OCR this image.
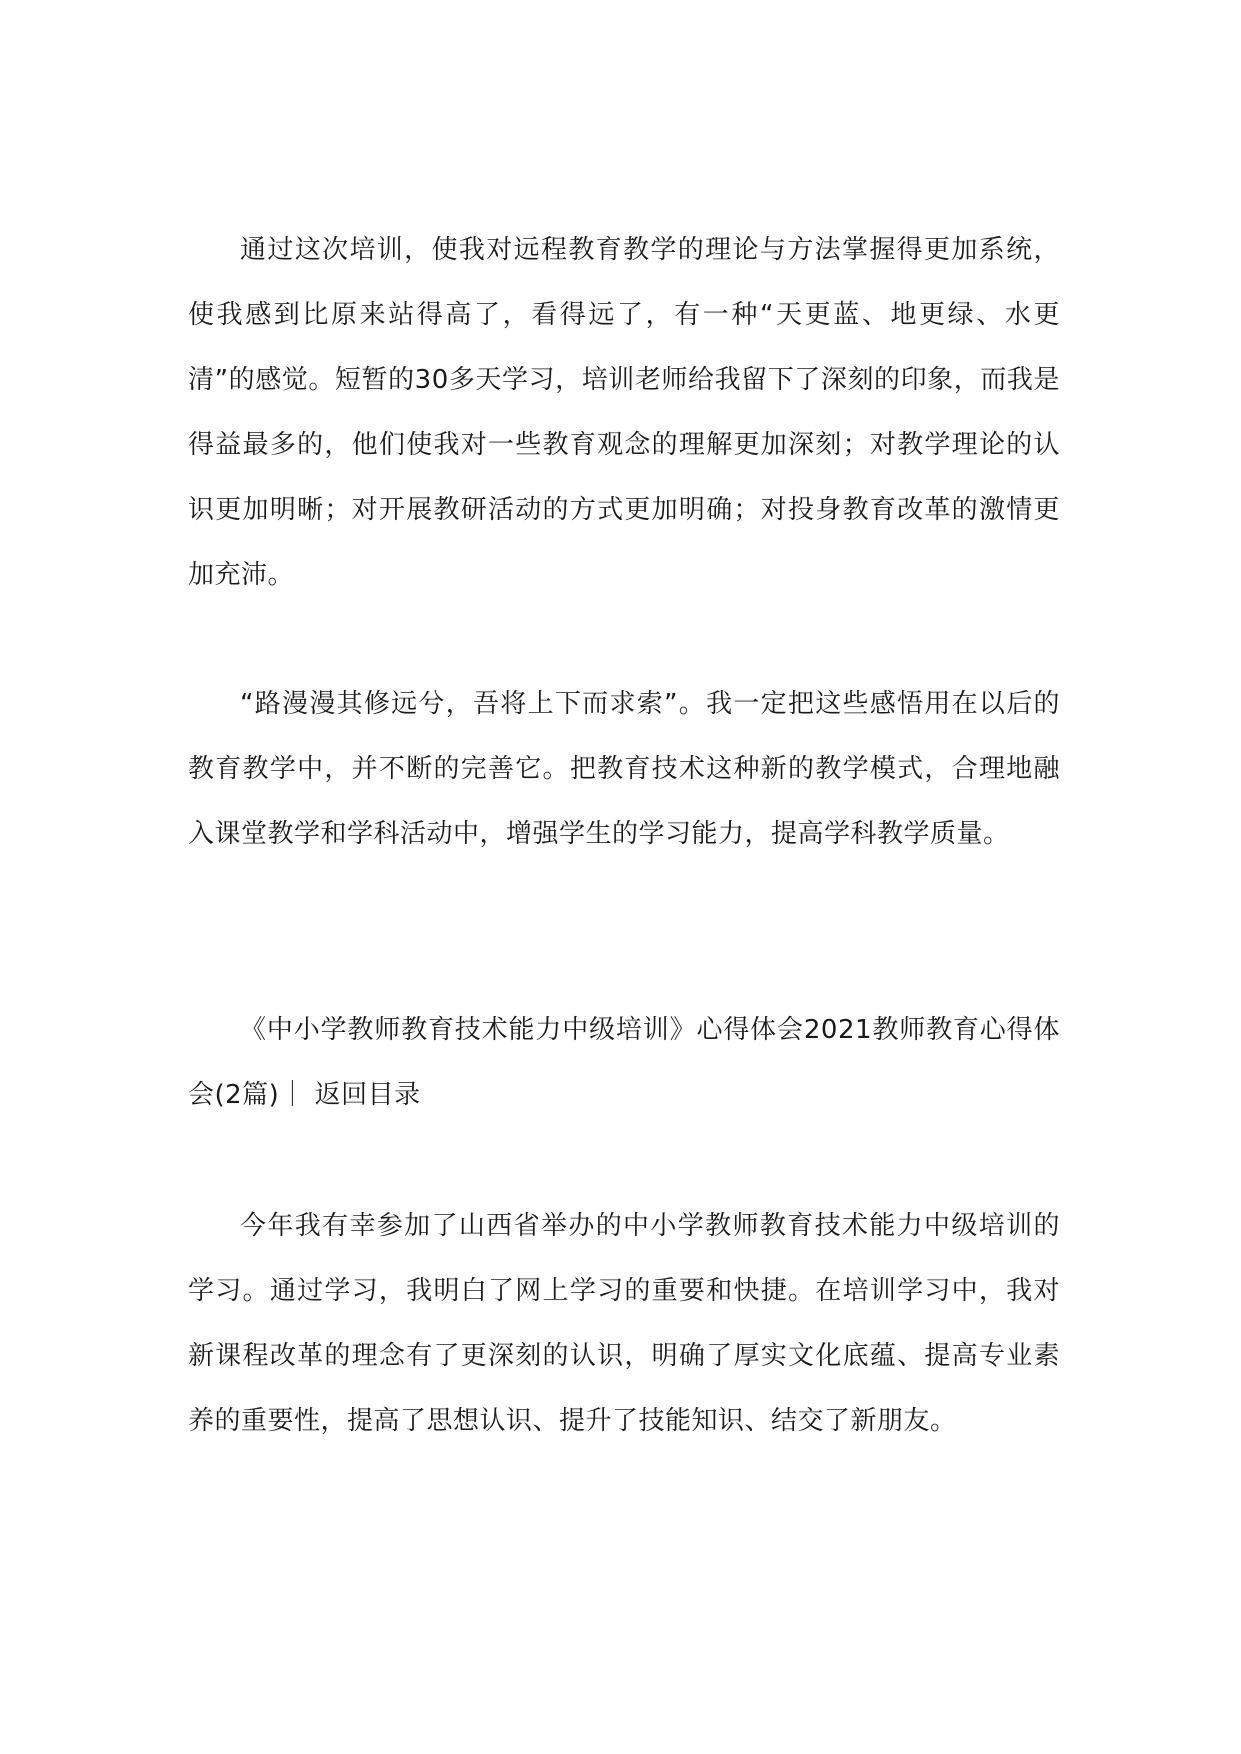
通过这次培训，使我对远程教育教学的理论与方法掌握得更加系统，使我感到比原来站得高了，看得远了，有一种“天更蓝、地更绿、水更清”的感觉。短暂的30多天学习，培训老师给我留下了深刻的印象，而我是得益最多的，他们使我对一些教育观念的理解更加深刻；对教学理论的认识更加明晰；对开展教研活动的方式更加明确；对投身教育改革的激情更加充沛。

“路漫漫其修远兮，吾将上下而求索”。我一定把这些感悟用在以后的教育教学中，并不断的完善它。把教育技术这种新的教学模式，合理地融入课堂教学和学科活动中，增强学生的学习能力，提高学科教学质量。

《中小学教师教育技术能力中级培训》心得体会2021教师教育心得体会(2篇)｜ 返回目录

今年我有幸参加了山西省举办的中小学教师教育技术能力中级培训的学习。通过学习，我明白了网上学习的重要和快捷。在培训学习中，我对新课程改革的理念有了更深刻的认识，明确了厚实文化底蕴、提高专业素养的重要性，提高了思想认识、提升了技能知识、结交了新朋友。
